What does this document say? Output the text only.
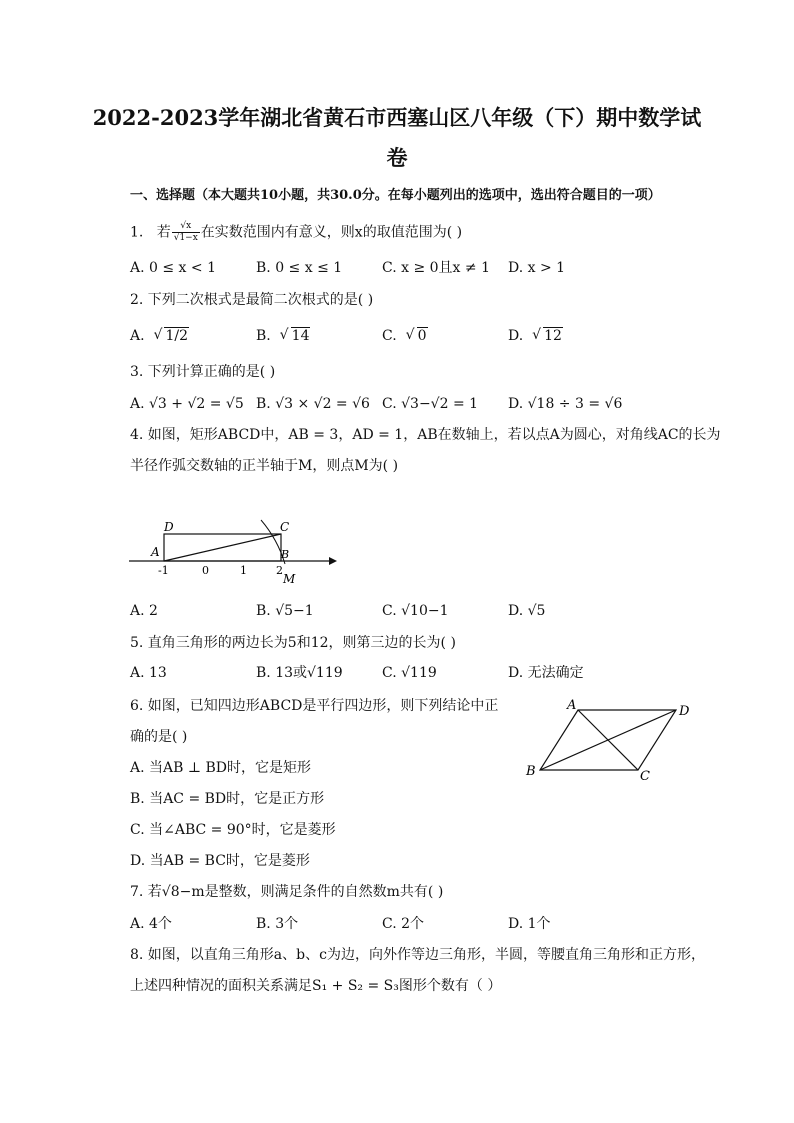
2022-2023学年湖北省黄石市西塞山区八年级（下）期中数学试
卷
一、选择题（本大题共10小题，共30.0分。在每小题列出的选项中，选出符合题目的一项）
1. 若 $\frac{√x}{√1-x}$ 在实数范围内有意义，则x的取值范围为( )
A. 0 ≤ x < 1	B. 0 ≤ x ≤ 1	C. x ≥ 0且x ≠ 1 D. x > 1
2. 下列二次根式是最简二次根式的是( )
A. √ 1/2	B. √ 14	C. √ 0	D. √ 12
3. 下列计算正确的是( )
A. √3 + √2 = √5 B. √3 × √2 = √6 C. √3−√2 = 1 D. √18 ÷ 3 = √6
4. 如图，矩形ABCD中，AB = 3，AD = 1，AB在数轴上，若以点A为圆心，对角线AC的长为
半径作弧交数轴的正半轴于M，则点M为( )
D	C
A	B
M
-1	0	1	2
A. 2	B. √5−1	C. √10−1	D. √5
5. 直角三角形的两边长为5和12，则第三边的长为( )
A. 13	B. 13或√119	C. √119	D. 无法确定
6. 如图，已知四边形ABCD是平行四边形，则下列结论中正
确的是( )
A. 当AB ⊥ BD时，它是矩形
B. 当AC = BD时，它是正方形
C. 当∠ABC = 90°时，它是菱形
D. 当AB = BC时，它是菱形
A	D
B	C
7. 若√8−m是整数，则满足条件的自然数m共有( )
A. 4个	B. 3个	C. 2个	D. 1个
8. 如图，以直角三角形a、b、c为边，向外作等边三角形，半圆，等腰直角三角形和正方形，
上述四种情况的面积关系满足S₁ + S₂ = S₃图形个数有（ ）
